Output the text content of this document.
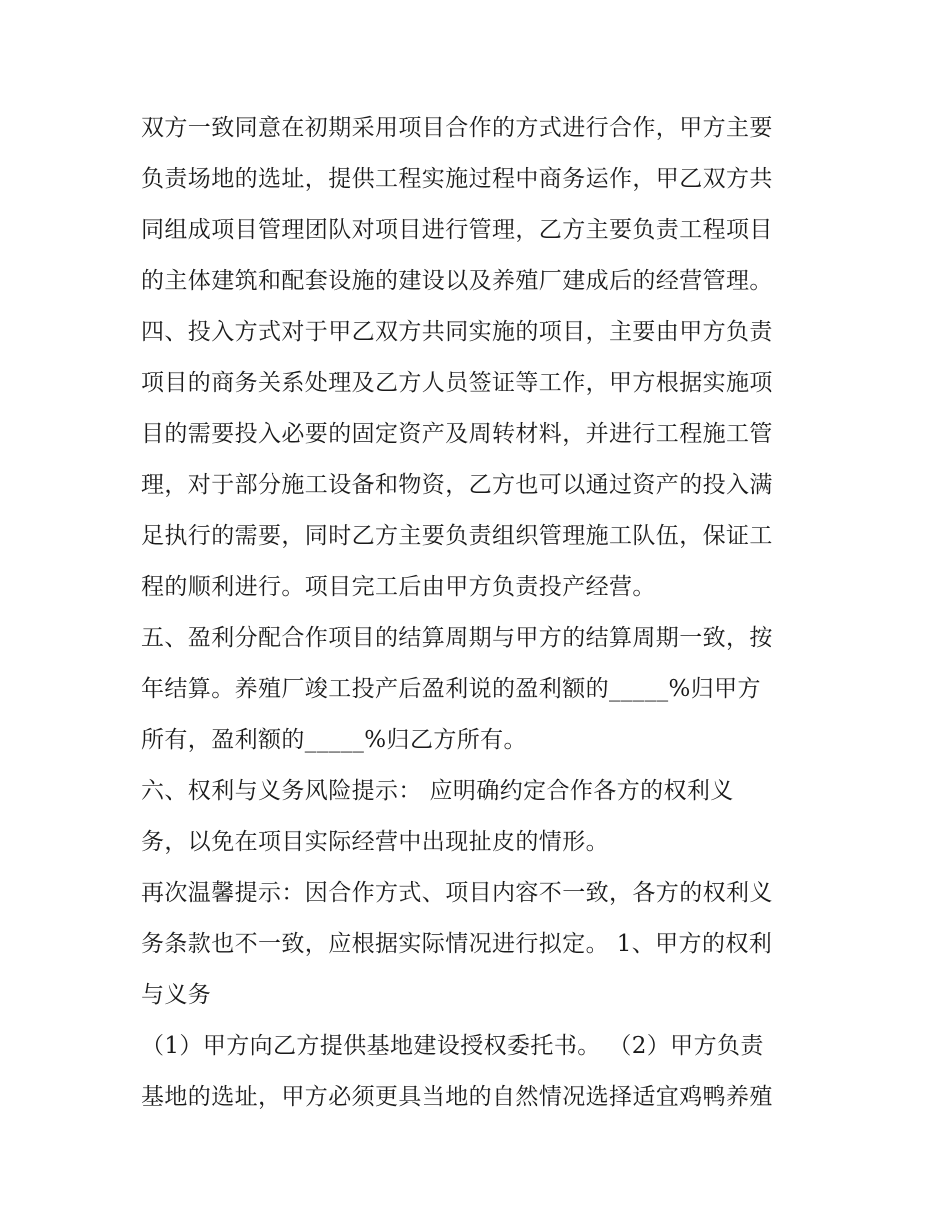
双方一致同意在初期采用项目合作的方式进行合作，甲方主要
负责场地的选址，提供工程实施过程中商务运作，甲乙双方共
同组成项目管理团队对项目进行管理，乙方主要负责工程项目
的主体建筑和配套设施的建设以及养殖厂建成后的经营管理。
四、投入方式对于甲乙双方共同实施的项目，主要由甲方负责
项目的商务关系处理及乙方人员签证等工作，甲方根据实施项
目的需要投入必要的固定资产及周转材料，并进行工程施工管
理，对于部分施工设备和物资，乙方也可以通过资产的投入满
足执行的需要，同时乙方主要负责组织管理施工队伍，保证工
程的顺利进行。项目完工后由甲方负责投产经营。
五、盈利分配合作项目的结算周期与甲方的结算周期一致，按
年结算。养殖厂竣工投产后盈利说的盈利额的_____%归甲方
所有，盈利额的_____%归乙方所有。
六、权利与义务风险提示： 应明确约定合作各方的权利义
务，以免在项目实际经营中出现扯皮的情形。
再次温馨提示：因合作方式、项目内容不一致，各方的权利义
务条款也不一致，应根据实际情况进行拟定。 1、甲方的权利
与义务
（1）甲方向乙方提供基地建设授权委托书。 （2）甲方负责
基地的选址，甲方必须更具当地的自然情况选择适宜鸡鸭养殖
